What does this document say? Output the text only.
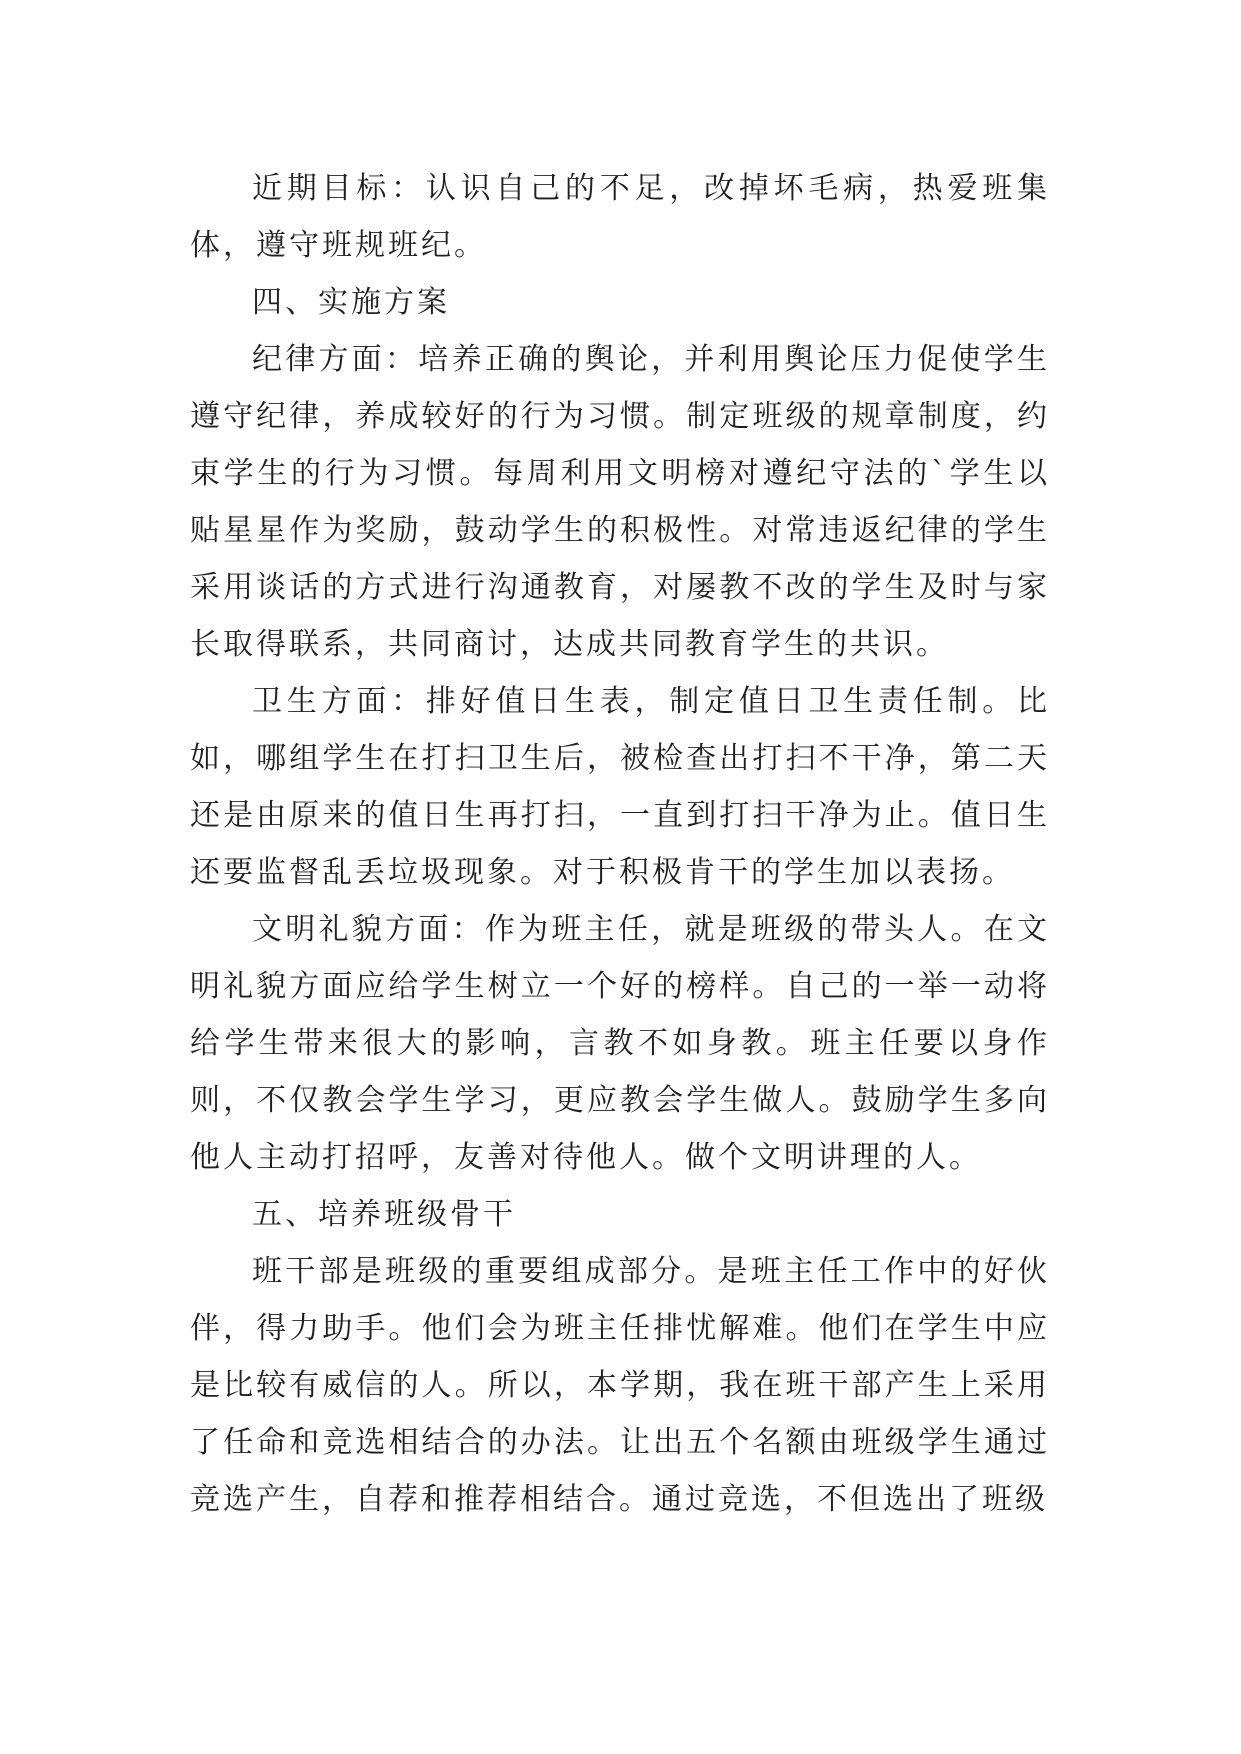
近期目标：认识自己的不足，改掉坏毛病，热爱班集体，遵守班规班纪。

四、实施方案

纪律方面：培养正确的舆论，并利用舆论压力促使学生遵守纪律，养成较好的行为习惯。制定班级的规章制度，约束学生的行为习惯。每周利用文明榜对遵纪守法的`学生以贴星星作为奖励，鼓动学生的积极性。对常违返纪律的学生采用谈话的方式进行沟通教育，对屡教不改的学生及时与家长取得联系，共同商讨，达成共同教育学生的共识。

卫生方面：排好值日生表，制定值日卫生责任制。比如，哪组学生在打扫卫生后，被检查出打扫不干净，第二天还是由原来的值日生再打扫，一直到打扫干净为止。值日生还要监督乱丢垃圾现象。对于积极肯干的学生加以表扬。

文明礼貌方面：作为班主任，就是班级的带头人。在文明礼貌方面应给学生树立一个好的榜样。自己的一举一动将给学生带来很大的影响，言教不如身教。班主任要以身作则，不仅教会学生学习，更应教会学生做人。鼓励学生多向他人主动打招呼，友善对待他人。做个文明讲理的人。

五、培养班级骨干

班干部是班级的重要组成部分。是班主任工作中的好伙伴，得力助手。他们会为班主任排忧解难。他们在学生中应是比较有威信的人。所以，本学期，我在班干部产生上采用了任命和竞选相结合的办法。让出五个名额由班级学生通过竞选产生，自荐和推荐相结合。通过竞选，不但选出了班级
